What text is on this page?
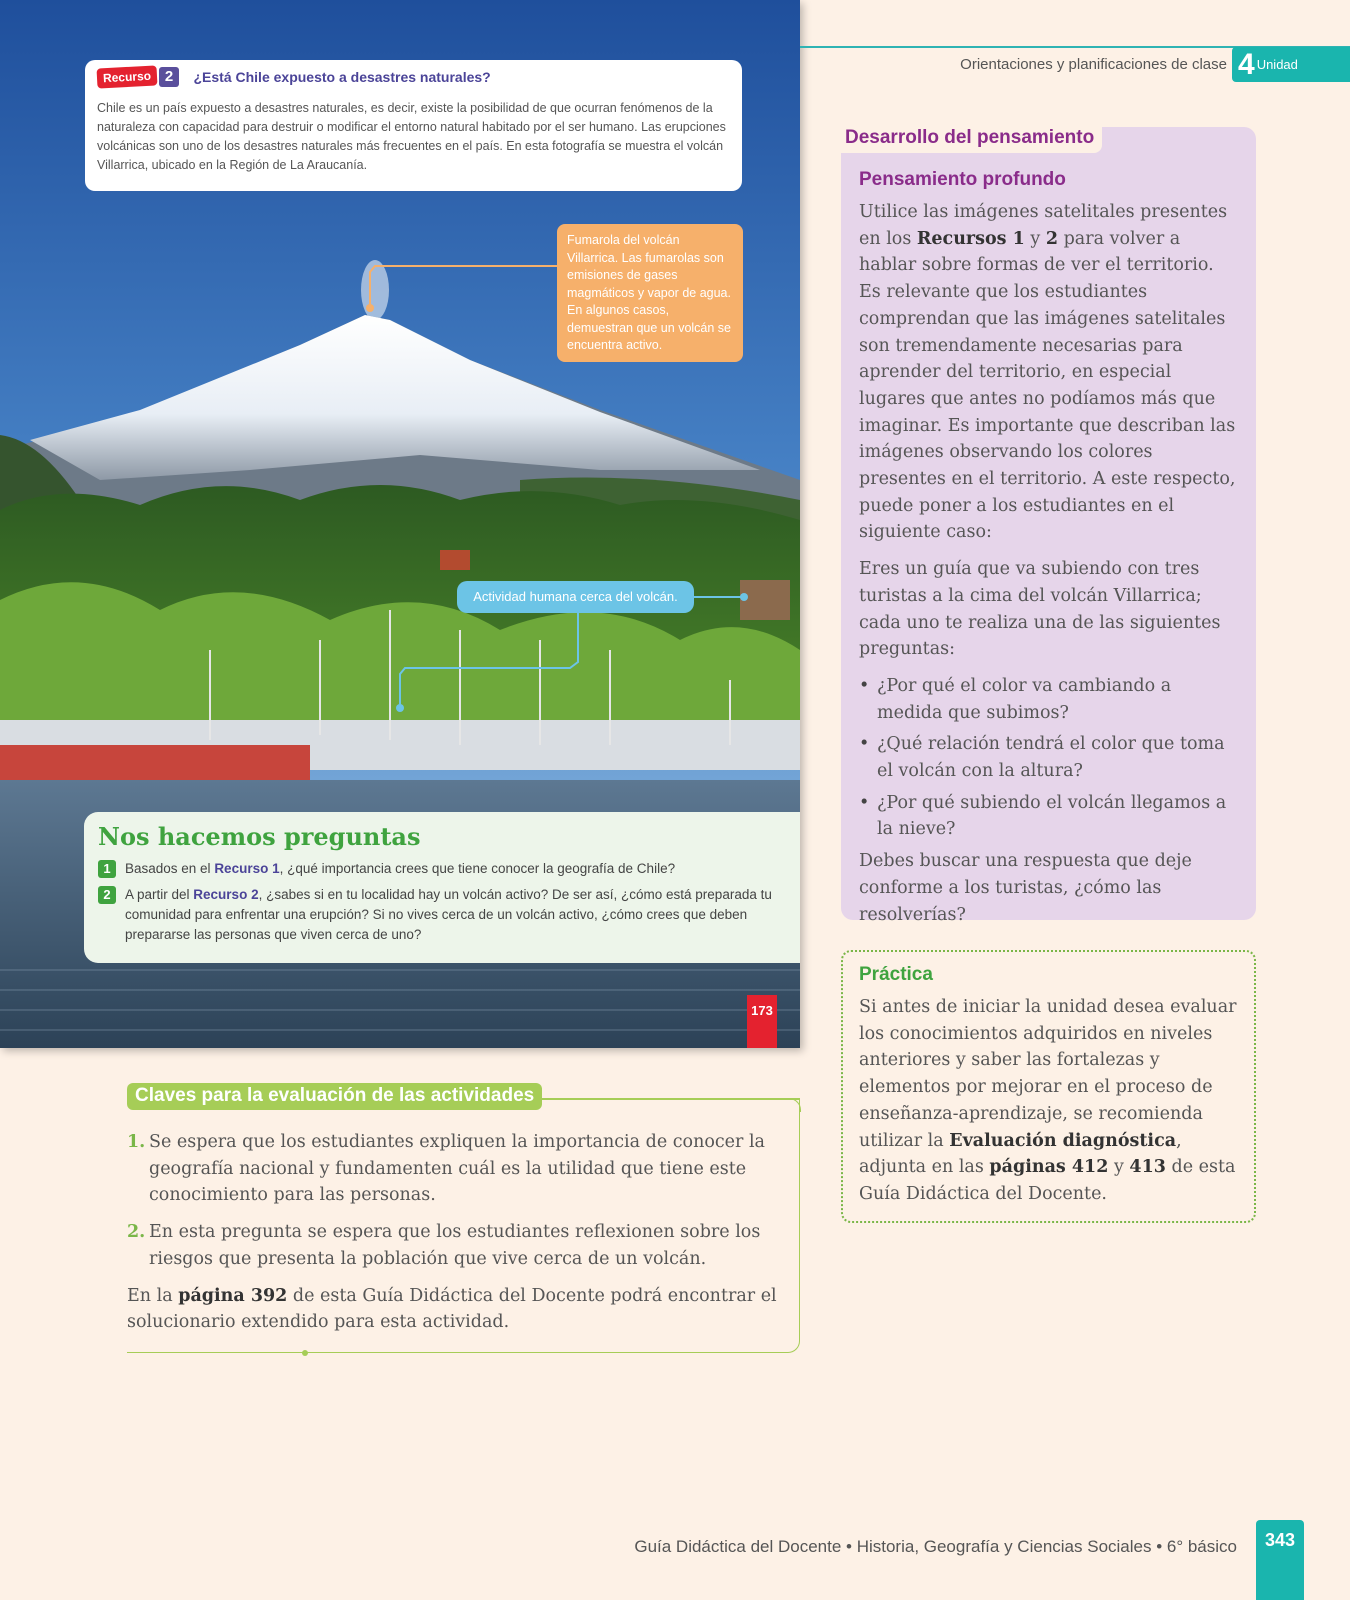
Recurso 2 ¿Está Chile expuesto a desastres naturales?

Chile es un país expuesto a desastres naturales, es decir, existe la posibilidad de que ocurran fenómenos de la naturaleza con capacidad para destruir o modificar el entorno natural habitado por el ser humano. Las erupciones volcánicas son uno de los desastres naturales más frecuentes en el país. En esta fotografía se muestra el volcán Villarrica, ubicado en la Región de La Araucanía.

Fumarola del volcán Villarrica. Las fumarolas son emisiones de gases magmáticos y vapor de agua. En algunos casos, demuestran que un volcán se encuentra activo.
Actividad humana cerca del volcán.
Nos hacemos preguntas
1	Basados en el Recurso 1, ¿qué importancia crees que tiene conocer la geografía de Chile?
2	A partir del Recurso 2, ¿sabes si en tu localidad hay un volcán activo? De ser así, ¿cómo está preparada tu comunidad para enfrentar una erupción? Si no vives cerca de un volcán activo, ¿cómo crees que deben prepararse las personas que viven cerca de uno?
173
Orientaciones y planificaciones de clase 4 Unidad
Desarrollo del pensamiento
Pensamiento profundo

Utilice las imágenes satelitales presentes en los Recursos 1 y 2 para volver a hablar sobre formas de ver el territorio. Es relevante que los estudiantes comprendan que las imágenes satelitales son tremendamente necesarias para aprender del territorio, en especial lugares que antes no podíamos más que imaginar. Es importante que describan las imágenes observando los colores presentes en el territorio. A este respecto, puede poner a los estudiantes en el siguiente caso:

Eres un guía que va subiendo con tres turistas a la cima del volcán Villarrica; cada uno te realiza una de las siguientes preguntas:

• ¿Por qué el color va cambiando a medida que subimos?
• ¿Qué relación tendrá el color que toma el volcán con la altura?
• ¿Por qué subiendo el volcán llegamos a la nieve?

Debes buscar una respuesta que deje conforme a los turistas, ¿cómo las resolverías?

Práctica

Si antes de iniciar la unidad desea evaluar los conocimientos adquiridos en niveles anteriores y saber las fortalezas y elementos por mejorar en el proceso de enseñanza-aprendizaje, se recomienda utilizar la Evaluación diagnóstica, adjunta en las páginas 412 y 413 de esta Guía Didáctica del Docente.

Claves para la evaluación de las actividades
1. Se espera que los estudiantes expliquen la importancia de conocer la geografía nacional y fundamenten cuál es la utilidad que tiene este conocimiento para las personas.
2. En esta pregunta se espera que los estudiantes reflexionen sobre los riesgos que presenta la población que vive cerca de un volcán.

En la página 392 de esta Guía Didáctica del Docente podrá encontrar el solucionario extendido para esta actividad.

Guía Didáctica del Docente • Historia, Geografía y Ciencias Sociales • 6° básico	343
